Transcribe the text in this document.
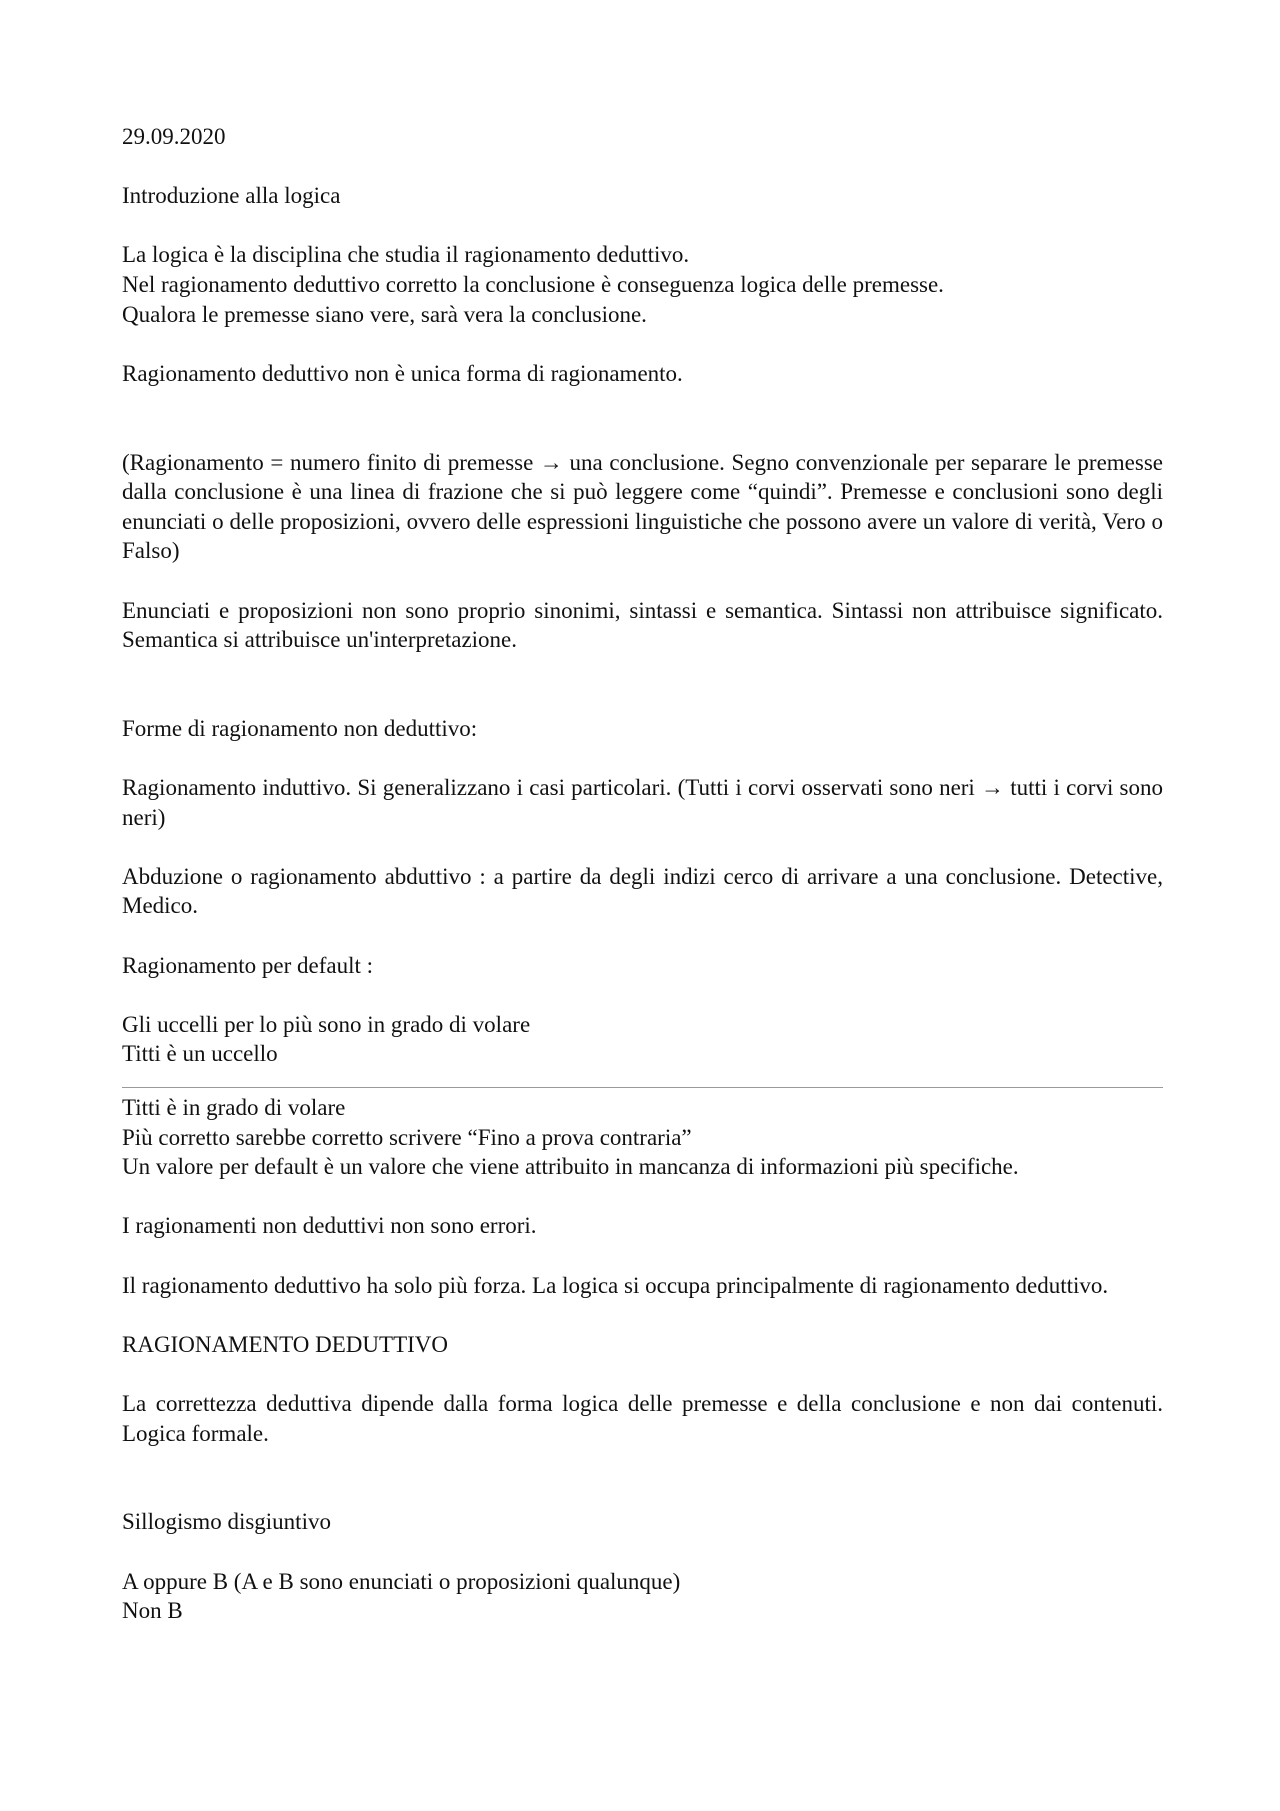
29.09.2020
Introduzione alla logica
La logica è la disciplina che studia il ragionamento deduttivo.
Nel ragionamento deduttivo corretto la conclusione è conseguenza logica delle premesse.
Qualora le premesse siano vere, sarà vera la conclusione.
Ragionamento deduttivo non è unica forma di ragionamento.

(Ragionamento = numero finito di premesse → una conclusione. Segno convenzionale per separare le premesse dalla conclusione è una linea di frazione che si può leggere come “quindi”. Premesse e conclusioni sono degli enunciati o delle proposizioni, ovvero delle espressioni linguistiche che possono avere un valore di verità, Vero o Falso)

Enunciati e proposizioni non sono proprio sinonimi, sintassi e semantica. Sintassi non attribuisce significato. Semantica si attribuisce un'interpretazione.

Forme di ragionamento non deduttivo:

Ragionamento induttivo. Si generalizzano i casi particolari. (Tutti i corvi osservati sono neri → tutti i corvi sono neri)

Abduzione o ragionamento abduttivo : a partire da degli indizi cerco di arrivare a una conclusione. Detective, Medico.

Ragionamento per default :
Gli uccelli per lo più sono in grado di volare
Titti è un uccello
Titti è in grado di volare
Più corretto sarebbe corretto scrivere “Fino a prova contraria”
Un valore per default è un valore che viene attribuito in mancanza di informazioni più specifiche.
I ragionamenti non deduttivi non sono errori.

Il ragionamento deduttivo ha solo più forza. La logica si occupa principalmente di ragionamento deduttivo.

RAGIONAMENTO DEDUTTIVO

La correttezza deduttiva dipende dalla forma logica delle premesse e della conclusione e non dai contenuti. Logica formale.

Sillogismo disgiuntivo
A oppure B (A e B sono enunciati o proposizioni qualunque)
Non B
